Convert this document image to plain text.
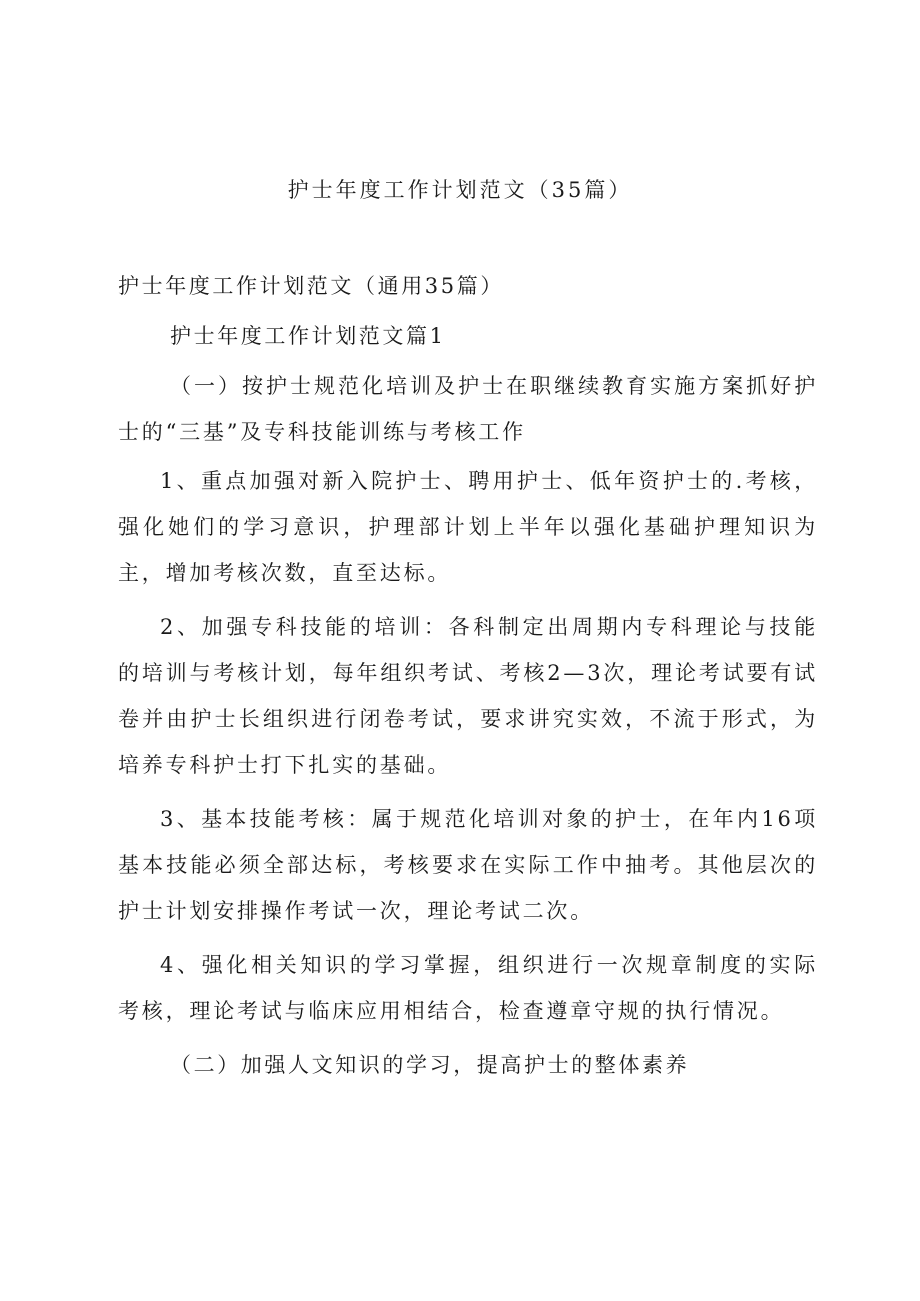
护士年度工作计划范文（35篇）

护士年度工作计划范文（通用35篇）

护士年度工作计划范文篇1

（一）按护士规范化培训及护士在职继续教育实施方案抓好护士的“三基”及专科技能训练与考核工作

1、重点加强对新入院护士、聘用护士、低年资护士的.考核，强化她们的学习意识，护理部计划上半年以强化基础护理知识为主，增加考核次数，直至达标。

2、加强专科技能的培训：各科制定出周期内专科理论与技能的培训与考核计划，每年组织考试、考核2—3次，理论考试要有试卷并由护士长组织进行闭卷考试，要求讲究实效，不流于形式，为培养专科护士打下扎实的基础。

3、基本技能考核：属于规范化培训对象的护士，在年内16项基本技能必须全部达标，考核要求在实际工作中抽考。其他层次的护士计划安排操作考试一次，理论考试二次。

4、强化相关知识的学习掌握，组织进行一次规章制度的实际考核，理论考试与临床应用相结合，检查遵章守规的执行情况。

（二）加强人文知识的学习，提高护士的整体素养
